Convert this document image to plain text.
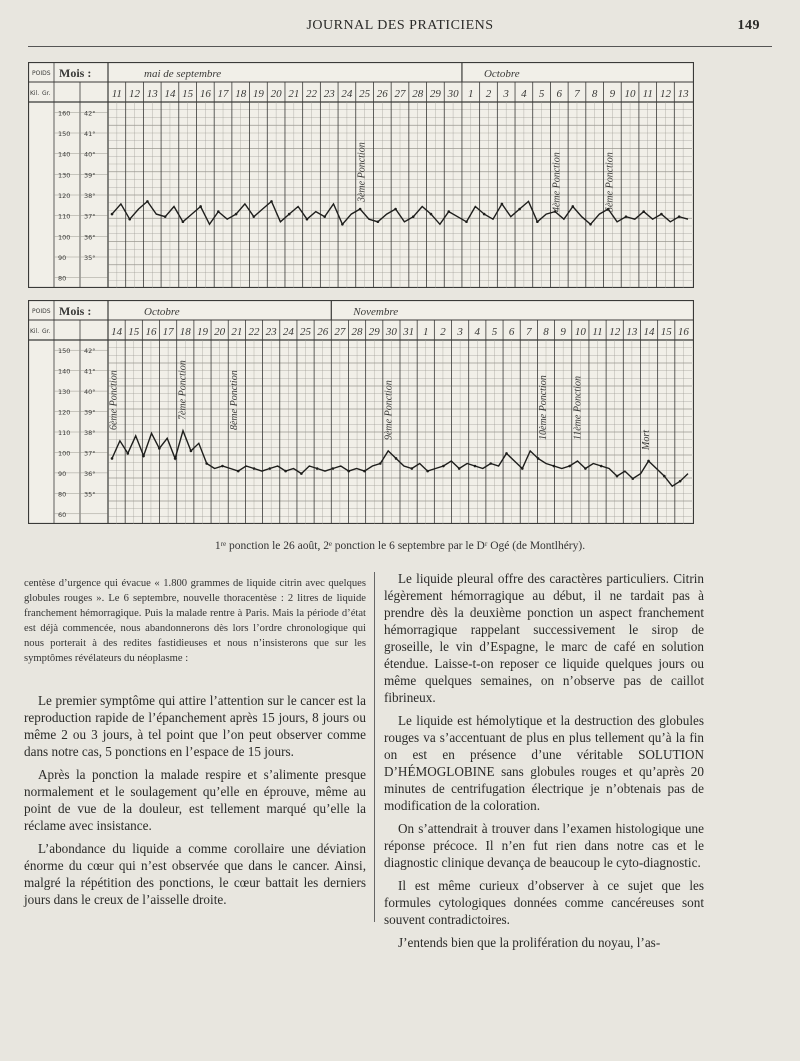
JOURNAL DES PRATICIENS	149
POIDS
Kil. Gr.
Mois :	mai de septembre	Octobre
160 42°
150 41°
140 40°
130 39°
120 38°
110 37°
100 36°
90	35°
80
11 12 13 14 15 16 17 18 19 20 21 22 23 24 25 26 27 28 29 30 1 2 3 4 5 6 7 8 9 10 11 12 13
3ème Ponction	4ème Ponction	5ème Ponction
POIDS
Kil. Gr.
Mois :	Octobre	Novembre
150 42°
140 41°
130 40°
120 39°
110 38°
100 37°
90	36°
80	35°
60
14 15 16 17 18 19 20 21 22 23 24 25 26 27 28 29 30 31 1 2 3 4 5 6 7 8 9 10 11 12 13 14 15 16
6ème Ponction	7ème Ponction	8ème Ponction	9ème Ponction	10ème Ponction 11ème Ponction	Mort
1ʳᵉ ponction le 26 août, 2ᵉ ponction le 6 septembre par le Dʳ Ogé (de Montlhéry).

centèse d’urgence qui évacue « 1.800 grammes de liquide citrin avec quelques globules rouges ». Le 6 septembre, nouvelle thoracentèse : 2 litres de liquide franchement hémorragique. Puis la malade rentre à Paris. Mais la période d’état est déjà commencée, nous abandonnerons dès lors l’ordre chronologique qui nous porterait à des redites fastidieuses et nous n’insisterons que sur les symptômes révélateurs du néoplasme :

Le premier symptôme qui attire l’attention sur le cancer est la reproduction rapide de l’épanchement après 15 jours, 8 jours ou même 2 ou 3 jours, à tel point que l’on peut observer comme dans notre cas, 5 ponctions en l’espace de 15 jours.

Après la ponction la malade respire et s’alimente presque normalement et le soulagement qu’elle en éprouve, même au point de vue de la douleur, est tellement marqué qu’elle la réclame avec insistance.

L’abondance du liquide a comme corollaire une déviation énorme du cœur qui n’est observée que dans le cancer. Ainsi, malgré la répétition des ponctions, le cœur battait les derniers jours dans le creux de l’aisselle droite.

Le liquide pleural offre des caractères particuliers. Citrin légèrement hémorragique au début, il ne tardait pas à prendre dès la deuxième ponction un aspect franchement hémorragique rappelant successivement le sirop de groseille, le vin d’Espagne, le marc de café en solution étendue. Laisse-t-on reposer ce liquide quelques jours ou même quelques semaines, on n’observe pas de caillot fibrineux.

Le liquide est hémolytique et la destruction des globules rouges va s’accentuant de plus en plus tellement qu’à la fin on est en présence d’une véritable SOLUTION D’HÉMOGLOBINE sans globules rouges et qu’après 20 minutes de centrifugation électrique je n’obtenais pas de modification de la coloration.

On s’attendrait à trouver dans l’examen histologique une réponse précoce. Il n’en fut rien dans notre cas et le diagnostic clinique devança de beaucoup le cyto-diagnostic.

Il est même curieux d’observer à ce sujet que les formules cytologiques données comme cancéreuses sont souvent contradictoires.

J’entends bien que la prolifération du noyau, l’as-
